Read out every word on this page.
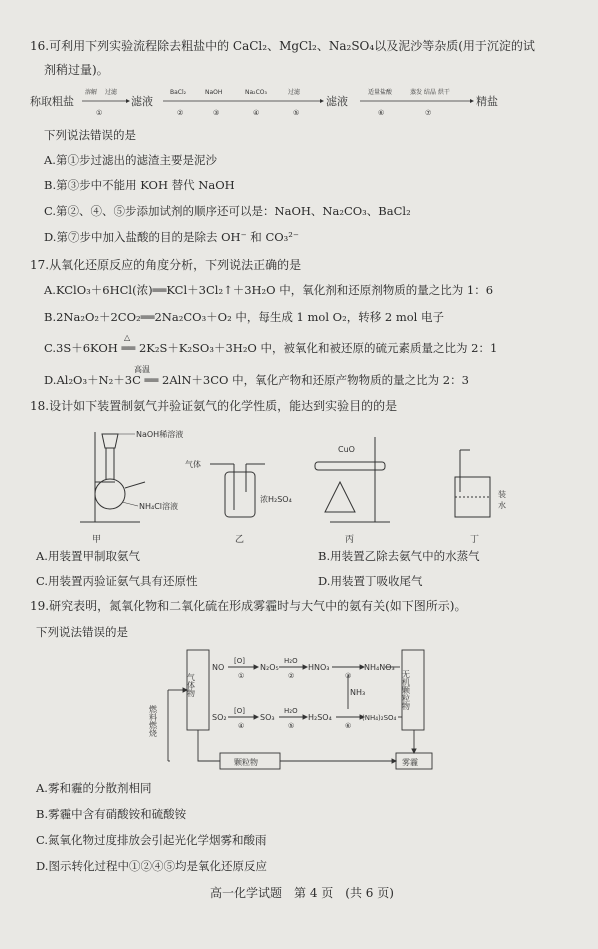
16.可利用下列实验流程除去粗盐中的 CaCl₂、MgCl₂、Na₂SO₄以及泥沙等杂质(用于沉淀的试
剂稍过量)。
称取粗盐
溶解 过滤
①
滤液
BaCl₂
②
NaOH
③
Na₂CO₃
④
过滤
⑤
滤液
适量盐酸
⑥
蒸发 结晶 烘干
⑦
精盐
下列说法错误的是
A.第①步过滤出的滤渣主要是泥沙
B.第③步中不能用 KOH 替代 NaOH
C.第②、④、⑤步添加试剂的顺序还可以是：NaOH、Na₂CO₃、BaCl₂
D.第⑦步中加入盐酸的目的是除去 OH⁻ 和 CO₃²⁻
17.从氧化还原反应的角度分析，下列说法正确的是
A.KClO₃＋6HCl(浓)══KCl＋3Cl₂↑＋3H₂O 中，氧化剂和还原剂物质的量之比为 1：6
B.2Na₂O₂＋2CO₂══2Na₂CO₃＋O₂ 中，每生成 1 mol O₂，转移 2 mol 电子
△
C.3S＋6KOH ══ 2K₂S＋K₂SO₃＋3H₂O 中，被氧化和被还原的硫元素质量之比为 2：1
高温
D.Al₂O₃＋N₂＋3C ══ 2AlN＋3CO 中，氧化产物和还原产物物质的量之比为 2：3
18.设计如下装置制氨气并验证氨气的化学性质，能达到实验目的的是
NaOH稀溶液
NH₄Cl溶液
甲
气体
浓H₂SO₄
乙
CuO
丙
装
水
丁
A.用装置甲制取氨气	B.用装置乙除去氨气中的水蒸气
C.用装置丙验证氨气具有还原性	D.用装置丁吸收尾气
19.研究表明，氮氧化物和二氧化硫在形成雾霾时与大气中的氨有关(如下图所示)。
下列说法错误的是
气体物	无机颗粒物
燃料燃烧
NO
[O]
①
N₂O₅
H₂O
②
HNO₃
③
NH₄NO₃
NH₃
SO₂
[O]
④
SO₃
H₂O
⑤
H₂SO₄
⑥
(NH₄)₂SO₄
颗粒物	雾霾
A.雾和霾的分散剂相同
B.雾霾中含有硝酸铵和硫酸铵
C.氮氧化物过度排放会引起光化学烟雾和酸雨
D.图示转化过程中①②④⑤均是氧化还原反应
高一化学试题　第 4 页　(共 6 页)
